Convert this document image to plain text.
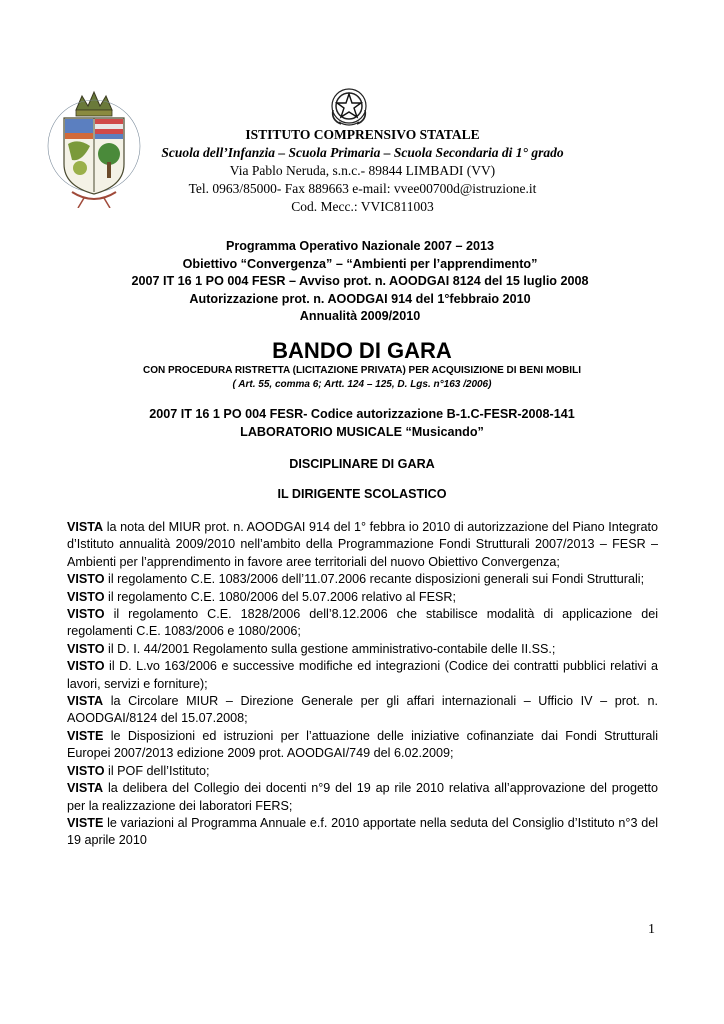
ISTITUTO COMPRENSIVO STATALE
Scuola dell’Infanzia – Scuola Primaria – Scuola Secondaria di 1° grado
Via Pablo Neruda, s.n.c.- 89844 LIMBADI (VV)
Tel. 0963/85000- Fax 889663 e-mail: vvee00700d@istruzione.it
Cod. Mecc.: VVIC811003
Programma Operativo Nazionale 2007 – 2013
Obiettivo “Convergenza” – “Ambienti per l’apprendimento”
2007 IT 16 1 PO 004 FESR – Avviso prot. n. AOODGAI 8124 del 15 luglio 2008
Autorizzazione prot. n. AOODGAI 914 del 1°febbraio 2010
Annualità 2009/2010
BANDO DI GARA
CON PROCEDURA RISTRETTA (LICITAZIONE PRIVATA) PER ACQUISIZIONE DI BENI MOBILI
( Art. 55, comma 6; Artt. 124 – 125, D. Lgs. n°163 /2006)
2007 IT 16 1 PO 004 FESR- Codice autorizzazione B-1.C-FESR-2008-141
LABORATORIO MUSICALE “Musicando”
DISCIPLINARE DI GARA
IL DIRIGENTE SCOLASTICO

VISTA la nota del MIUR prot. n. AOODGAI 914 del 1° febbra io 2010 di autorizzazione del Piano Integrato d’Istituto annualità 2009/2010 nell’ambito della Programmazione Fondi Strutturali 2007/2013 – FESR – Ambienti per l’apprendimento in favore aree territoriali del nuovo Obiettivo Convergenza;

VISTO il regolamento C.E. 1083/2006 dell’11.07.2006 recante disposizioni generali sui Fondi Strutturali;

VISTO il regolamento C.E. 1080/2006 del 5.07.2006 relativo al FESR;

VISTO il regolamento C.E. 1828/2006 dell’8.12.2006 che stabilisce modalità di applicazione dei regolamenti C.E. 1083/2006 e 1080/2006;

VISTO il D. I. 44/2001 Regolamento sulla gestione amministrativo-contabile delle II.SS.;

VISTO il D. L.vo 163/2006 e successive modifiche ed integrazioni (Codice dei contratti pubblici relativi a lavori, servizi e forniture);

VISTA la Circolare MIUR – Direzione Generale per gli affari internazionali – Ufficio IV – prot. n. AOODGAI/8124 del 15.07.2008;

VISTE le Disposizioni ed istruzioni per l’attuazione delle iniziative cofinanziate dai Fondi Strutturali Europei 2007/2013 edizione 2009 prot. AOODGAI/749 del 6.02.2009;

VISTO il POF dell’Istituto;

VISTA la delibera del Collegio dei docenti n°9 del 19 ap rile 2010 relativa all’approvazione del progetto per la realizzazione dei laboratori FERS;

VISTE le variazioni al Programma Annuale e.f. 2010 apportate nella seduta del Consiglio d’Istituto n°3 del 19 aprile 2010

1
